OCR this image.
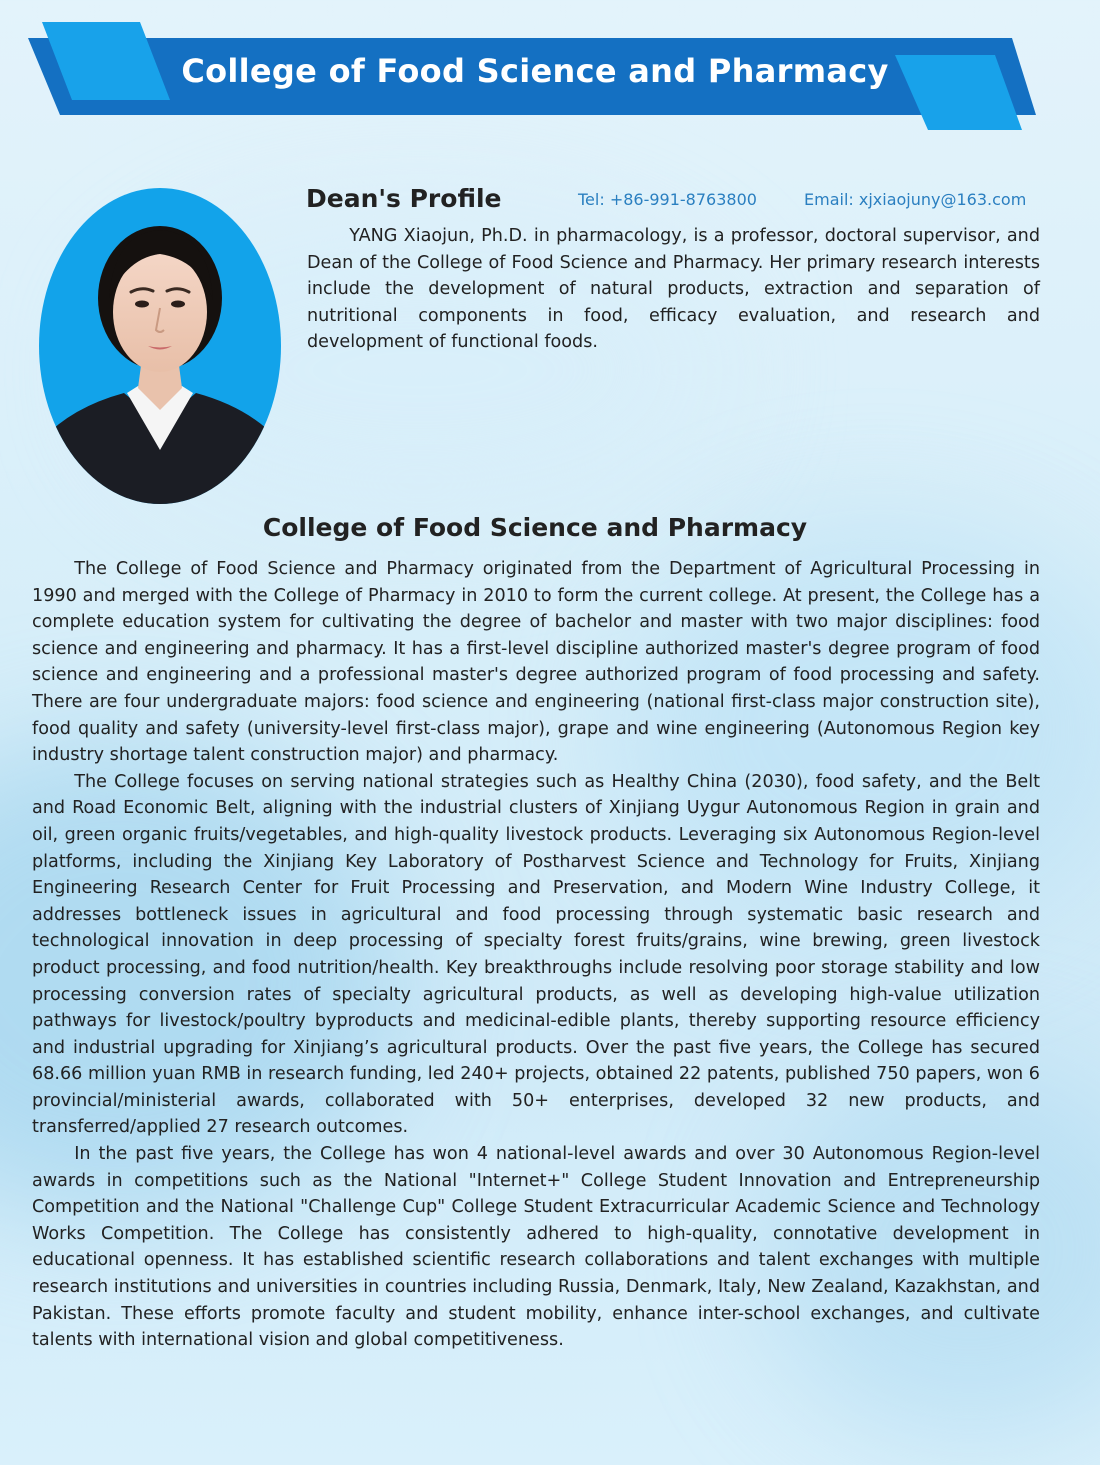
College of Food Science and Pharmacy
Dean's Profile	Tel: +86-991-8763800	Email: xjxiaojuny@163.com
YANG Xiaojun, Ph.D. in pharmacology, is a professor, doctoral supervisor, and Dean of the College of Food Science and Pharmacy. Her primary research interests include the development of natural products, extraction and separation of nutritional components in food, efficacy evaluation, and research and development of functional foods.
College of Food Science and Pharmacy

The College of Food Science and Pharmacy originated from the Department of Agricultural Processing in 1990 and merged with the College of Pharmacy in 2010 to form the current college. At present, the College has a complete education system for cultivating the degree of bachelor and master with two major disciplines: food science and engineering and pharmacy. It has a first-level discipline authorized master's degree program of food science and engineering and a professional master's degree authorized program of food processing and safety. There are four undergraduate majors: food science and engineering (national first-class major construction site), food quality and safety (university-level first-class major), grape and wine engineering (Autonomous Region key industry shortage talent construction major) and pharmacy.

The College focuses on serving national strategies such as Healthy China (2030), food safety, and the Belt and Road Economic Belt, aligning with the industrial clusters of Xinjiang Uygur Autonomous Region in grain and oil, green organic fruits/vegetables, and high-quality livestock products. Leveraging six Autonomous Region-level platforms, including the Xinjiang Key Laboratory of Postharvest Science and Technology for Fruits, Xinjiang Engineering Research Center for Fruit Processing and Preservation, and Modern Wine Industry College, it addresses bottleneck issues in agricultural and food processing through systematic basic research and technological innovation in deep processing of specialty forest fruits/grains, wine brewing, green livestock product processing, and food nutrition/health. Key breakthroughs include resolving poor storage stability and low processing conversion rates of specialty agricultural products, as well as developing high-value utilization pathways for livestock/poultry byproducts and medicinal-edible plants, thereby supporting resource efficiency and industrial upgrading for Xinjiang’s agricultural products. Over the past five years, the College has secured 68.66 million yuan RMB in research funding, led 240+ projects, obtained 22 patents, published 750 papers, won 6 provincial/ministerial awards, collaborated with 50+ enterprises, developed 32 new products, and transferred/applied 27 research outcomes.

In the past five years, the College has won 4 national-level awards and over 30 Autonomous Region-level awards in competitions such as the National "Internet+" College Student Innovation and Entrepreneurship Competition and the National "Challenge Cup" College Student Extracurricular Academic Science and Technology Works Competition. The College has consistently adhered to high-quality, connotative development in educational openness. It has established scientific research collaborations and talent exchanges with multiple research institutions and universities in countries including Russia, Denmark, Italy, New Zealand, Kazakhstan, and Pakistan. These efforts promote faculty and student mobility, enhance inter-school exchanges, and cultivate talents with international vision and global competitiveness.
